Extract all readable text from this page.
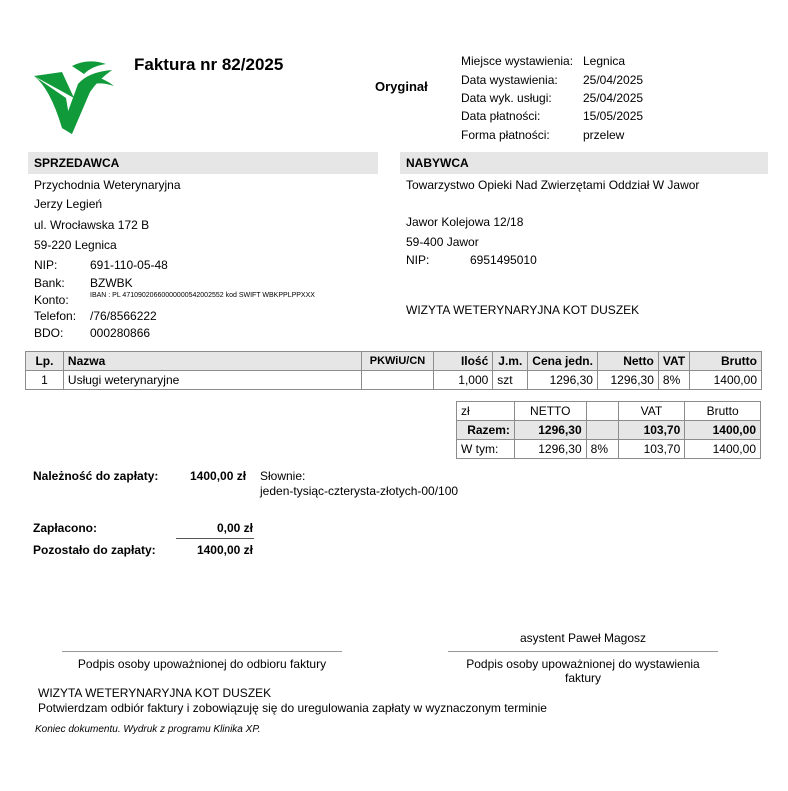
Faktura nr 82/2025
Oryginał
Miejsce wystawienia: Legnica
Data wystawienia: 25/04/2025
Data wyk. usługi:	25/04/2025
Data płatności:	15/05/2025
Forma płatności:	przelew
SPRZEDAWCA
Przychodnia Weterynaryjna
Jerzy Legień
ul. Wrocławska 172 B
59-220 Legnica
NIP:	691-110-05-48
Bank: BZWBK
Konto:	IBAN : PL 47109020660000000542002552 kod SWIFT WBKPPLPPXXX
Telefon: /76/8566222
BDO: 000280866
NABYWCA
Towarzystwo Opieki Nad Zwierzętami Oddział W Jawor
Jawor Kolejowa 12/18
59-400 Jawor
NIP:	6951495010
WIZYTA WETERYNARYJNA KOT DUSZEK
Lp.	Nazwa	PKWiU/CN	Ilość	J.m.	Cena jedn.	Netto	VAT	Brutto
1	Usługi weterynaryjne		1,000	szt	1296,30	1296,30	8%	1400,00
zł	NETTO		VAT	Brutto
Razem:	1296,30		103,70	1400,00
W tym:	1296,30	8%	103,70	1400,00
Należność do zapłaty:	1400,00 zł Słownie:
jeden-tysiąc-czterysta-złotych-00/100
Zapłacono:	0,00 zł
Pozostało do zapłaty:	1400,00 zł
asystent Paweł Magosz
Podpis osoby upoważnionej do odbioru faktury	Podpis osoby upoważnionej do wystawienia
faktury
WIZYTA WETERYNARYJNA KOT DUSZEK
Potwierdzam odbiór faktury i zobowiązuję się do uregulowania zapłaty w wyznaczonym terminie
Koniec dokumentu. Wydruk z programu Klinika XP.
